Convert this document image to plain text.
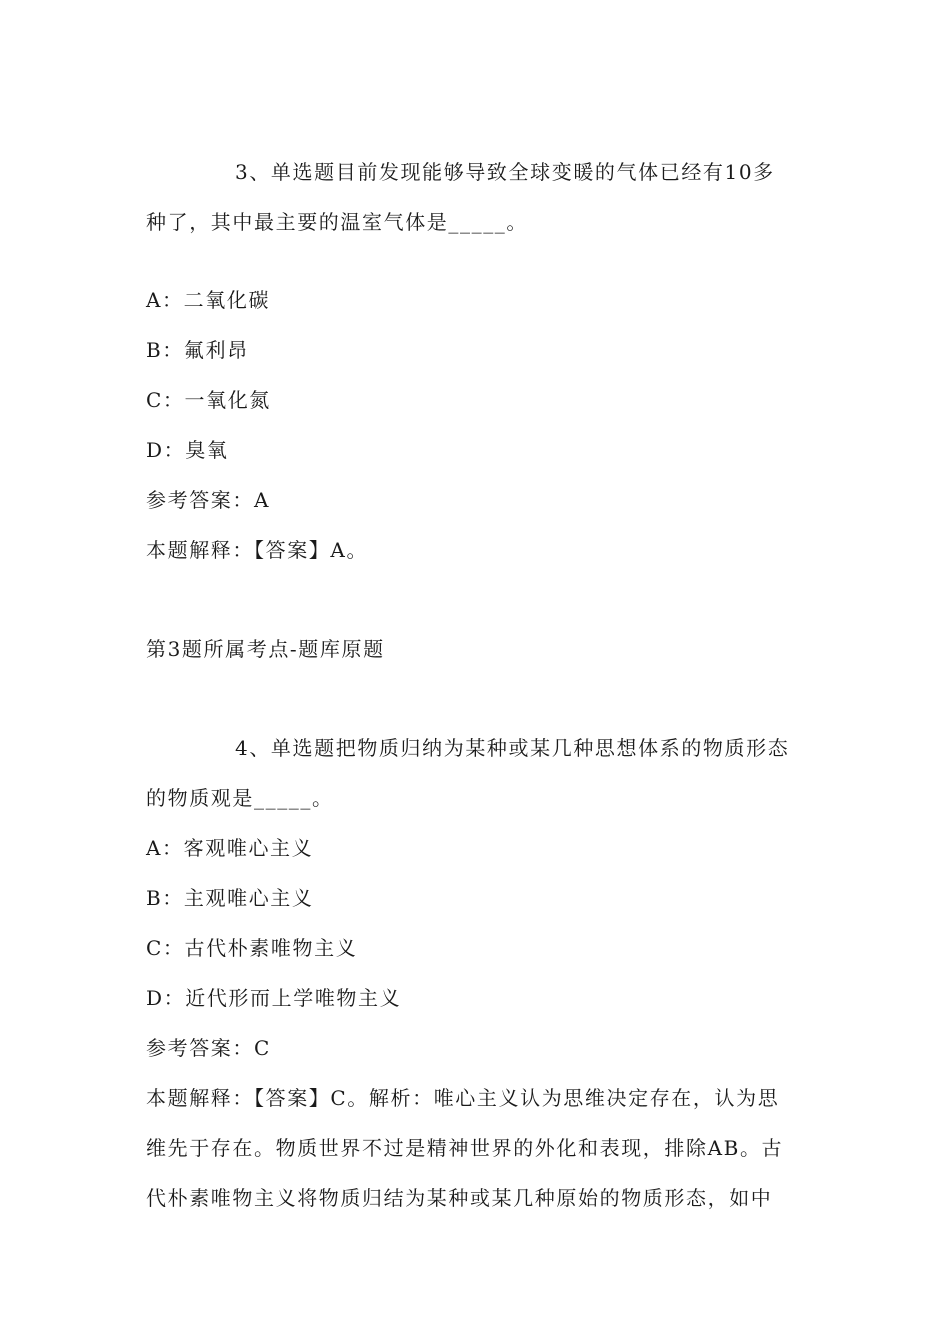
3、单选题目前发现能够导致全球变暖的气体已经有10多
种了，其中最主要的温室气体是_____。
A：二氧化碳
B：氟利昂
C：一氧化氮
D：臭氧
参考答案：A
本题解释：【答案】A。
第3题所属考点-题库原题
4、单选题把物质归纳为某种或某几种思想体系的物质形态
的物质观是_____。
A：客观唯心主义
B：主观唯心主义
C：古代朴素唯物主义
D：近代形而上学唯物主义
参考答案：C
本题解释：【答案】C。解析：唯心主义认为思维决定存在，认为思
维先于存在。物质世界不过是精神世界的外化和表现，排除AB。古
代朴素唯物主义将物质归结为某种或某几种原始的物质形态，如中
